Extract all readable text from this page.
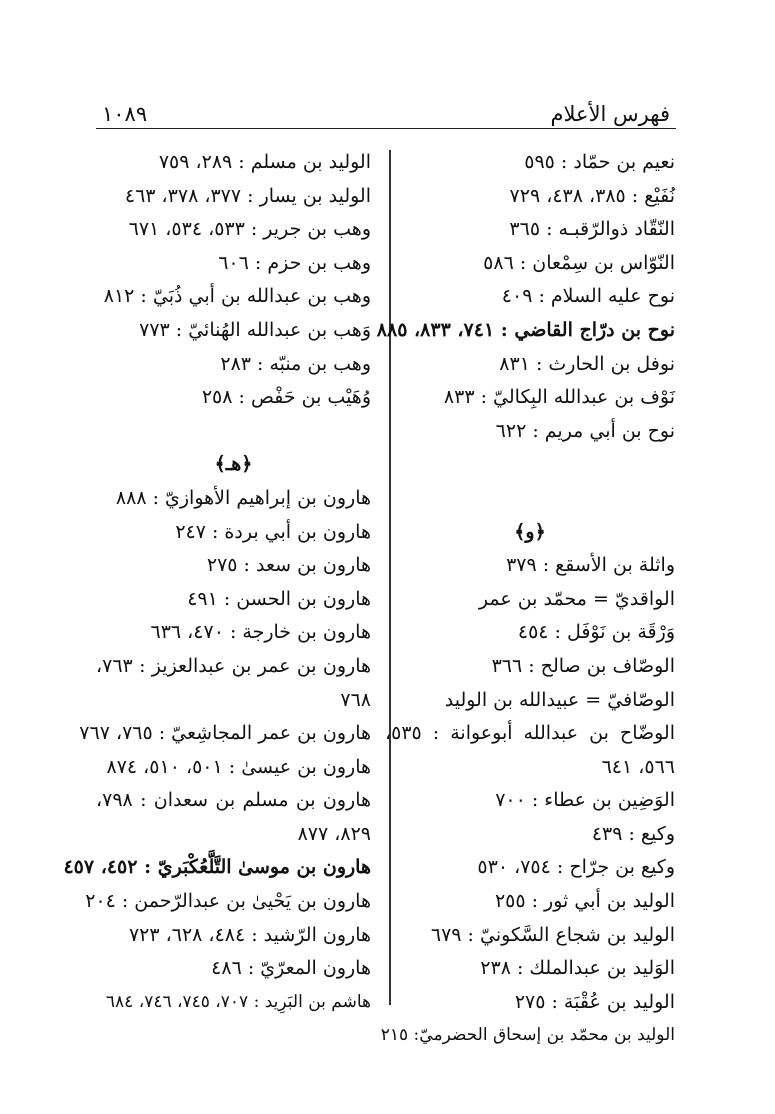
فهرس الأعلام
١٠٨٩
نعيم بن حمّاد : ٥٩٥
نُفَيْع : ٣٨٥، ٤٣٨، ٧٢٩
النّقّاد ذوالرّقبـه : ٣٦٥
النّوّاس بن سِمْعان : ٥٨٦
نوح عليه السلام : ٤٠٩
نوح بن درّاج القاضي : ٧٤١، ٨٣٣، ٨٨٥
نوفل بن الحارث : ٨٣١
نَوْف بن عبدالله البِكاليّ : ٨٣٣
نوح بن أبي مريم : ٦٢٢
﴿و﴾
واثلة بن الأسقع : ٣٧٩
الواقديّ = محمّد بن عمر
وَرْقَة بن نَوْفَل : ٤٥٤
الوصّاف بن صالح : ٣٦٦
الوصّافيّ = عبيدالله بن الوليد
الوضّاح بن عبدالله أبوعوانة : ٥٣٥، ٥٦٦، ٦٤١
الوَضِين بن عطاء : ٧٠٠
وكيع : ٤٣٩
وكيع بن جرّاح : ٧٥٤، ٥٣٠
الوليد بن أبي ثور : ٢٥٥
الوليد بن شجاع السَّكونيّ : ٦٧٩
الوَليد بن عبدالملك : ٢٣٨
الوليد بن عُقْبَة : ٢٧٥
الوليد بن محمّد بن إسحاق الحضرميّ: ٢١٥
الوليد بن مسلم : ٢٨٩، ٧٥٩
الوليد بن يسار : ٣٧٧، ٣٧٨، ٤٦٣
وهب بن جرير : ٥٣٣، ٥٣٤، ٦٧١
وهب بن حزم : ٦٠٦
وهب بن عبدالله بن أبي ذُبَيّ : ٨١٢
وَهب بن عبدالله الهُنائيّ : ٧٧٣
وهب بن منبّه : ٢٨٣
وُهَيْب بن حَفْص : ٢٥٨
﴿هـ﴾
هارون بن إبراهيم الأهوازيّ : ٨٨٨
هارون بن أبي بردة : ٢٤٧
هارون بن سعد : ٢٧٥
هارون بن الحسن : ٤٩١
هارون بن خارجة : ٤٧٠، ٦٣٦
هارون بن عمر بن عبدالعزيز : ٧٦٣، ٧٦٨
هارون بن عمر المجاشِعيّ : ٧٦٥، ٧٦٧
هارون بن عيسىٰ : ٥٠١، ٥١٠، ٨٧٤
هارون بن مسلم بن سعدان : ٧٩٨، ٨٢٩، ٨٧٧
هارون بن موسىٰ التَّلَّعُكْبَريّ : ٤٥٢، ٤٥٧
هارون بن يَحْيىٰ بن عبدالرّحمن : ٢٠٤
هارون الرّشيد : ٤٨٤، ٦٢٨، ٧٢٣
هارون المعرّيّ : ٤٨٦
هاشم بن البَرِيد : ٧٠٧، ٧٤٥، ٧٤٦، ٦٨٤
